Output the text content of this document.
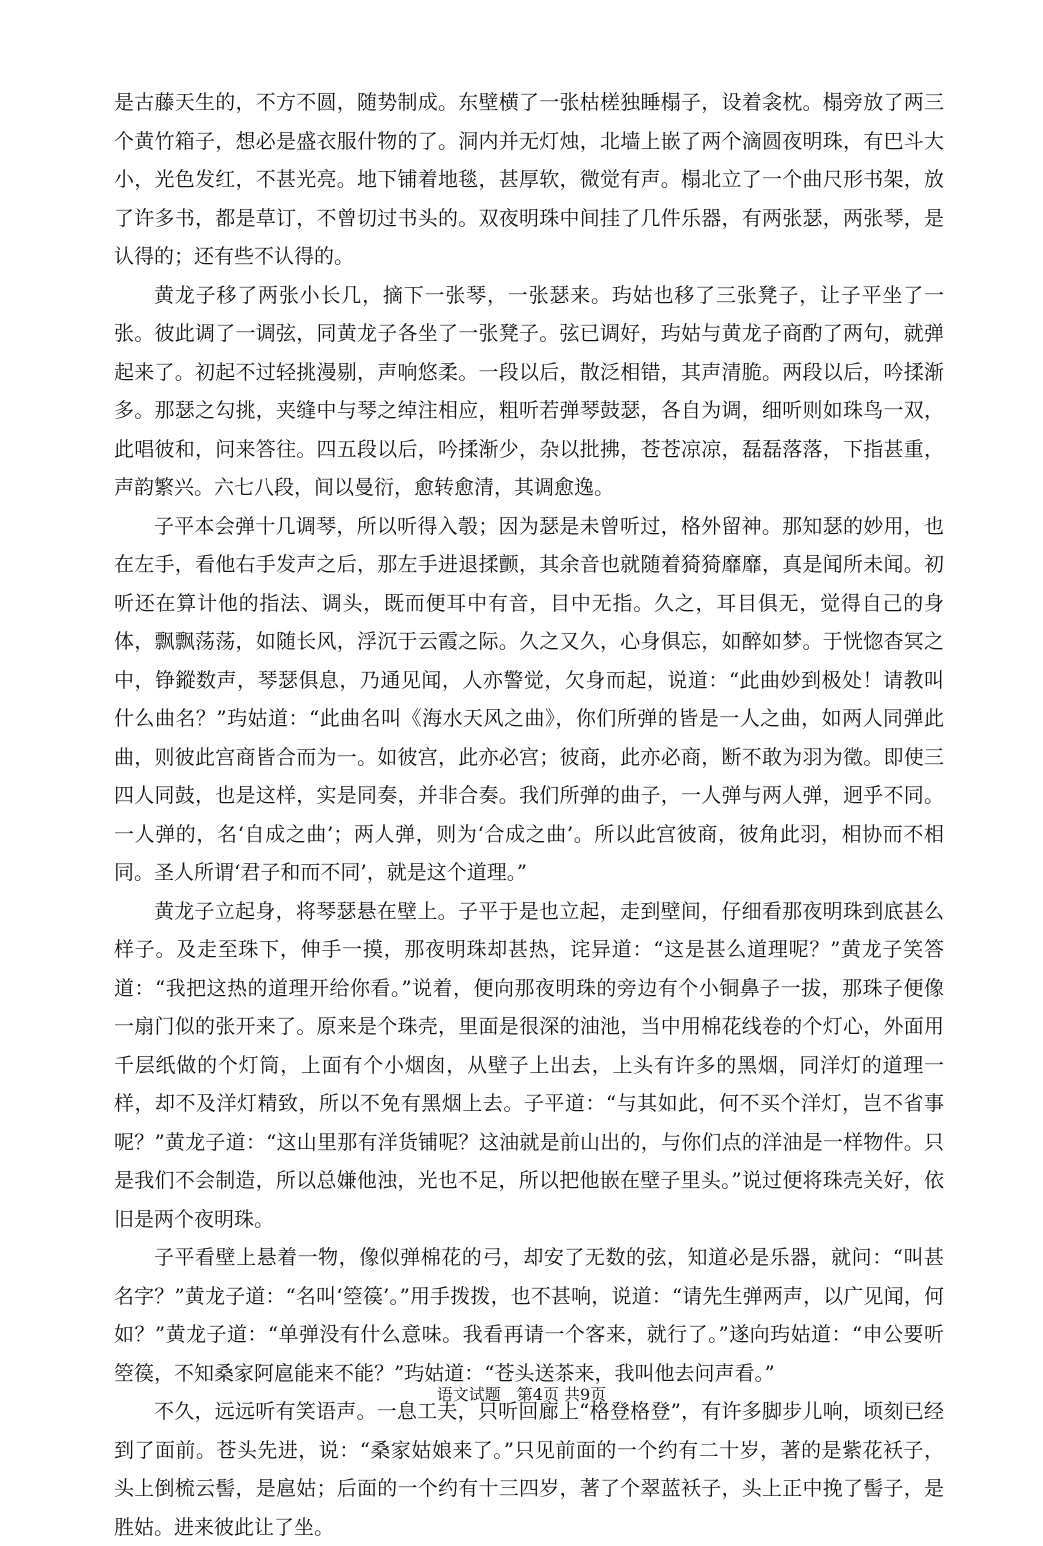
是古藤天生的，不方不圆，随势制成。东壁横了一张枯槎独睡榻子，设着衾枕。榻旁放了两三个黄竹箱子，想必是盛衣服什物的了。洞内并无灯烛，北墙上嵌了两个滴圆夜明珠，有巴斗大小，光色发红，不甚光亮。地下铺着地毯，甚厚软，微觉有声。榻北立了一个曲尺形书架，放了许多书，都是草订，不曾切过书头的。双夜明珠中间挂了几件乐器，有两张瑟，两张琴，是认得的；还有些不认得的。

黄龙子移了两张小长几，摘下一张琴，一张瑟来。玙姑也移了三张凳子，让子平坐了一张。彼此调了一调弦，同黄龙子各坐了一张凳子。弦已调好，玙姑与黄龙子商酌了两句，就弹起来了。初起不过轻挑漫剔，声响悠柔。一段以后，散泛相错，其声清脆。两段以后，吟揉渐多。那瑟之勾挑，夹缝中与琴之绰注相应，粗听若弹琴鼓瑟，各自为调，细听则如珠鸟一双，此唱彼和，问来答往。四五段以后，吟揉渐少，杂以批拂，苍苍凉凉，磊磊落落，下指甚重，声韵繁兴。六七八段，间以曼衍，愈转愈清，其调愈逸。

子平本会弹十几调琴，所以听得入彀；因为瑟是未曾听过，格外留神。那知瑟的妙用，也在左手，看他右手发声之后，那左手进退揉颤，其余音也就随着猗猗靡靡，真是闻所未闻。初听还在算计他的指法、调头，既而便耳中有音，目中无指。久之，耳目俱无，觉得自己的身体，飘飘荡荡，如随长风，浮沉于云霞之际。久之又久，心身俱忘，如醉如梦。于恍惚杳冥之中，铮鏦数声，琴瑟俱息，乃通见闻，人亦警觉，欠身而起，说道：“此曲妙到极处！请教叫什么曲名？”玙姑道：“此曲名叫《海水天风之曲》，你们所弹的皆是一人之曲，如两人同弹此曲，则彼此宫商皆合而为一。如彼宫，此亦必宫；彼商，此亦必商，断不敢为羽为徵。即使三四人同鼓，也是这样，实是同奏，并非合奏。我们所弹的曲子，一人弹与两人弹，迥乎不同。一人弹的，名‘自成之曲’；两人弹，则为‘合成之曲’。所以此宫彼商，彼角此羽，相协而不相同。圣人所谓‘君子和而不同’，就是这个道理。”

黄龙子立起身，将琴瑟悬在壁上。子平于是也立起，走到壁间，仔细看那夜明珠到底甚么样子。及走至珠下，伸手一摸，那夜明珠却甚热，诧异道：“这是甚么道理呢？”黄龙子笑答道：“我把这热的道理开给你看。”说着，便向那夜明珠的旁边有个小铜鼻子一拔，那珠子便像一扇门似的张开来了。原来是个珠壳，里面是很深的油池，当中用棉花线卷的个灯心，外面用千层纸做的个灯筒，上面有个小烟囱，从壁子上出去，上头有许多的黑烟，同洋灯的道理一样，却不及洋灯精致，所以不免有黑烟上去。子平道：“与其如此，何不买个洋灯，岂不省事呢？”黄龙子道：“这山里那有洋货铺呢？这油就是前山出的，与你们点的洋油是一样物件。只是我们不会制造，所以总嫌他浊，光也不足，所以把他嵌在壁子里头。”说过便将珠壳关好，依旧是两个夜明珠。

子平看壁上悬着一物，像似弹棉花的弓，却安了无数的弦，知道必是乐器，就问：“叫甚名字？”黄龙子道：“名叫‘箜篌’。”用手拨拨，也不甚响，说道：“请先生弹两声，以广见闻，何如？”黄龙子道：“单弹没有什么意味。我看再请一个客来，就行了。”遂向玙姑道：“申公要听箜篌，不知桑家阿扈能来不能？”玙姑道：“苍头送茶来，我叫他去问声看。”

不久，远远听有笑语声。一息工夫，只听回廊上“格登格登”，有许多脚步儿响，顷刻已经到了面前。苍头先进，说：“桑家姑娘来了。”只见前面的一个约有二十岁，著的是紫花袄子，头上倒梳云髻，是扈姑；后面的一个约有十三四岁，著了个翠蓝袄子，头上正中挽了髻子，是胜姑。进来彼此让了坐。

语文试题　第4页 共9页
